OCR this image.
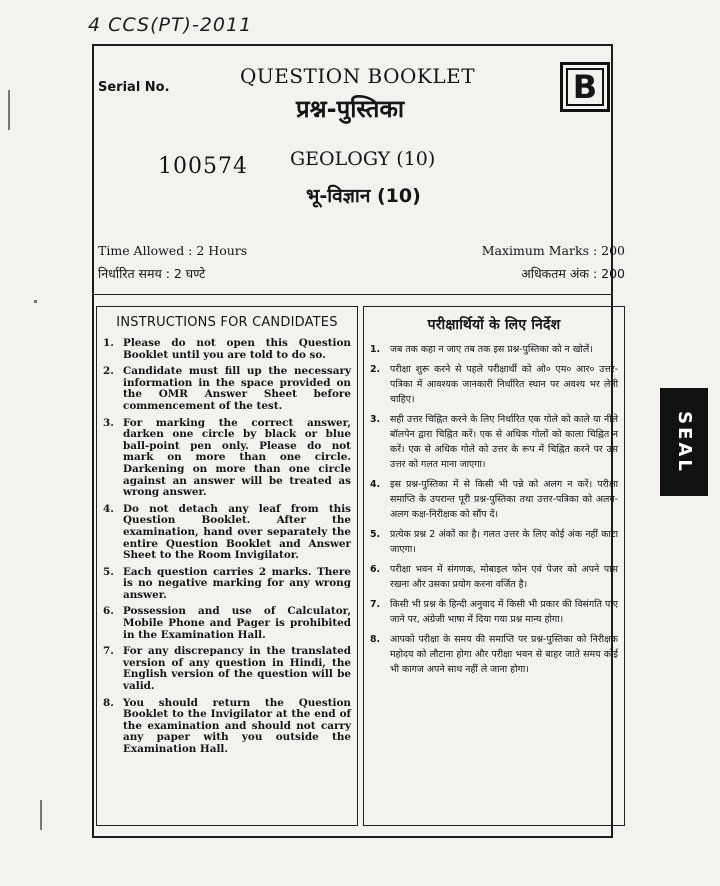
4 CCS(PT)-2011
Serial No.	QUESTION BOOKLET
प्रश्न-पुस्तिका
B
100574 GEOLOGY (10)
भू-विज्ञान (10)
Time Allowed : 2 Hours
निर्धारित समय : 2 घण्टे
Maximum Marks : 200
अधिकतम अंक : 200
INSTRUCTIONS FOR CANDIDATES
1. Please do not open this Question Booklet until you are told to do so.
2. Candidate must fill up the necessary information in the space provided on the OMR Answer Sheet before commencement of the test.
3. For marking the correct answer, darken one circle by black or blue ball-point pen only. Please do not mark on more than one circle. Darkening on more than one circle against an answer will be treated as wrong answer.
4. Do not detach any leaf from this Question Booklet. After the examination, hand over separately the entire Question Booklet and Answer Sheet to the Room Invigilator.
5. Each question carries 2 marks. There is no negative marking for any wrong answer.
6. Possession and use of Calculator, Mobile Phone and Pager is prohibited in the Examination Hall.
7. For any discrepancy in the translated version of any question in Hindi, the English version of the question will be valid.
8. You should return the Question Booklet to the Invigilator at the end of the examination and should not carry any paper with you outside the Examination Hall.
परीक्षार्थियों के लिए निर्देश
1.	जब तक कहा न जाए तब तक इस प्रश्न-पुस्तिका को न खोलें।
2.	परीक्षा शुरू करने से पहले परीक्षार्थी को ओ० एम० आर० उत्तर-पत्रिका में आवश्यक जानकारी निर्धारित स्थान पर अवश्य भर लेनी चाहिए।
3.	सही उत्तर चिह्नित करने के लिए निर्धारित एक गोले को काले या नीले बॉलपेन द्वारा चिह्नित करें। एक से अधिक गोलों को काला चिह्नित न करें। एक से अधिक गोले को उत्तर के रूप में चिह्नित करने पर उस उत्तर को गलत माना जाएगा।
4.	इस प्रश्न-पुस्तिका में से किसी भी पन्ने को अलग न करें। परीक्षा समाप्ति के उपरान्त पूरी प्रश्न-पुस्तिका तथा उत्तर-पत्रिका को अलग-अलग कक्ष-निरीक्षक को सौंप दें।
5.	प्रत्येक प्रश्न 2 अंकों का है। गलत उत्तर के लिए कोई अंक नहीं काटा जाएगा।
6.	परीक्षा भवन में संगणक, मोबाइल फोन एवं पेजर को अपने पास रखना और उसका प्रयोग करना वर्जित है।
7.	किसी भी प्रश्न के हिन्दी अनुवाद में किसी भी प्रकार की विसंगति पाए जाने पर, अंग्रेजी भाषा में दिया गया प्रश्न मान्य होगा।
8.	आपको परीक्षा के समय की समाप्ति पर प्रश्न-पुस्तिका को निरीक्षक महोदय को लौटाना होगा और परीक्षा भवन से बाहर जाते समय कोई भी कागज अपने साथ नहीं ले जाना होगा।
SEAL
